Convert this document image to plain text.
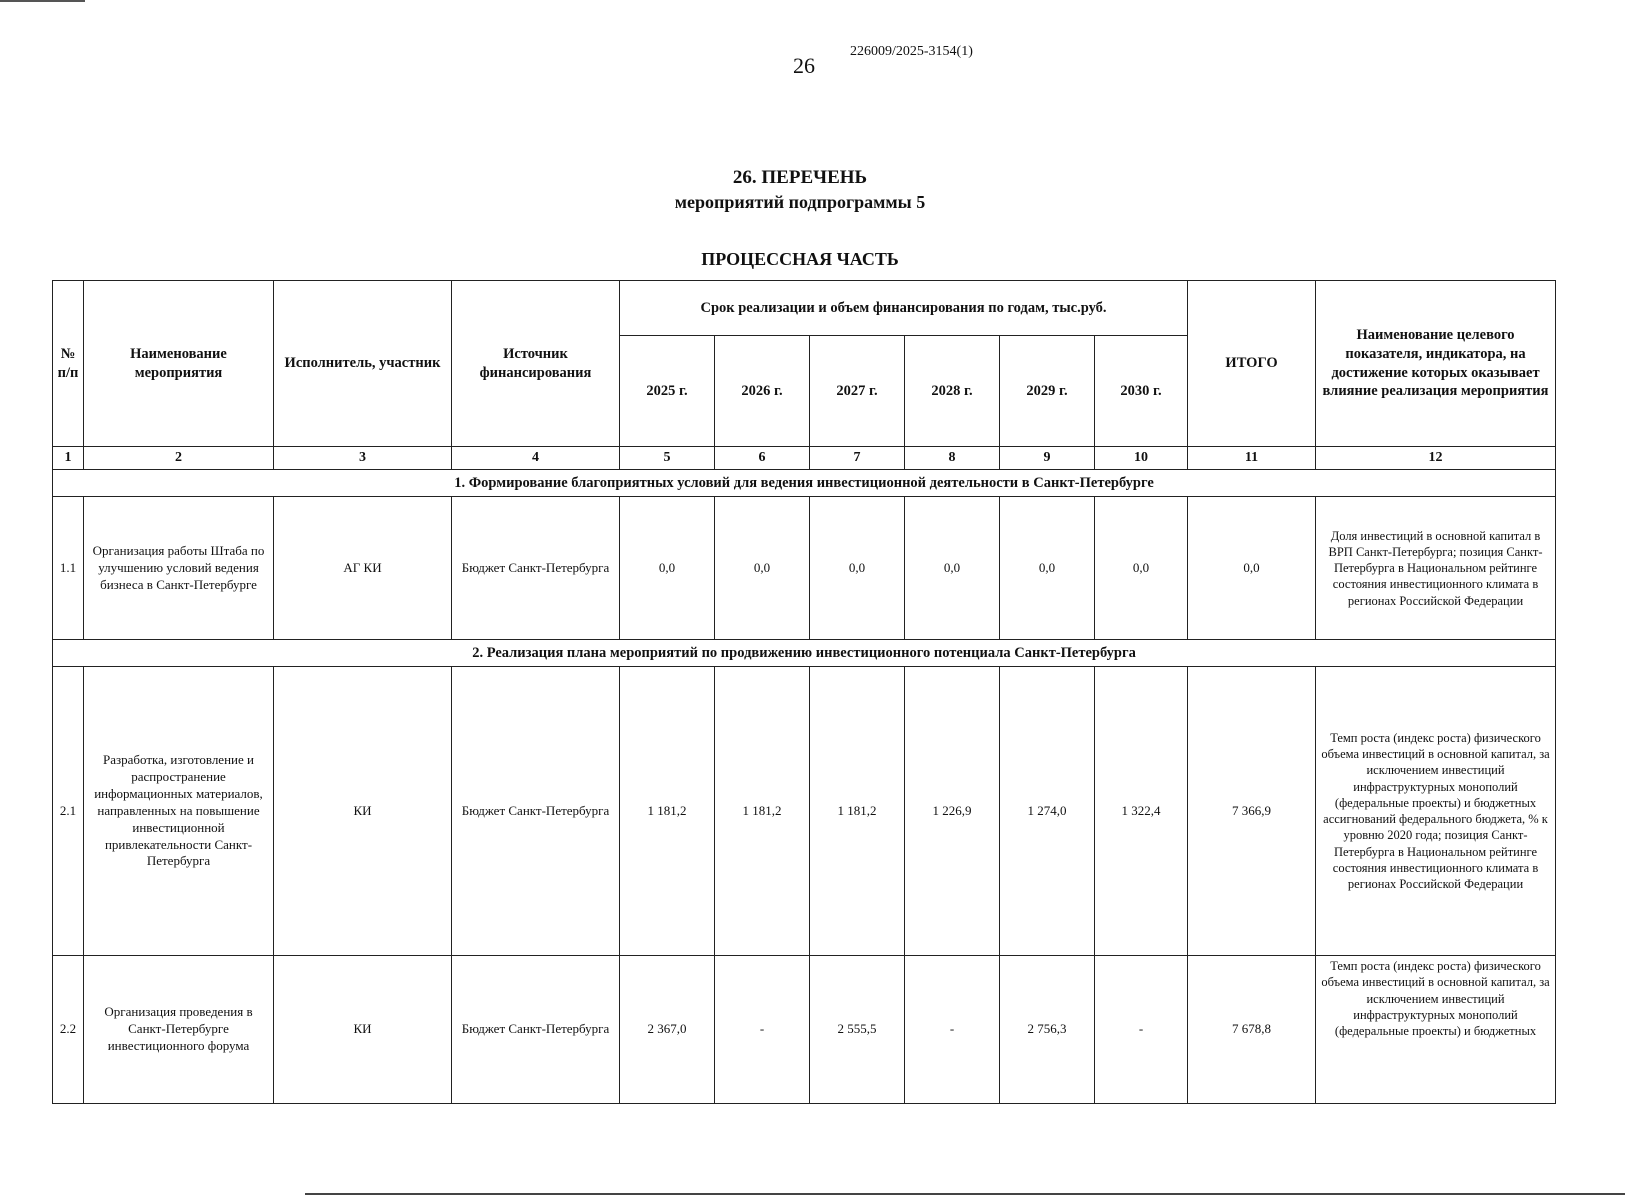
26
226009/2025-3154(1)
26. ПЕРЕЧЕНЬ
мероприятий подпрограммы 5
ПРОЦЕССНАЯ ЧАСТЬ
№ п/п	Наименование мероприятия	Исполнитель, участник	Источник финансирования	Срок реализации и объем финансирования по годам, тыс.руб.						ИТОГО	Наименование целевого показателя, индикатора, на достижение которых оказывает влияние реализация мероприятия
				2025 г.	2026 г.	2027 г.	2028 г.	2029 г.	2030 г.		
1	2	3	4	5	6	7	8	9	10	11	12
1. Формирование благоприятных условий для ведения инвестиционной деятельности в Санкт-Петербурге											
1.1	Организация работы Штаба по улучшению условий ведения бизнеса в Санкт-Петербурге	АГ КИ	Бюджет Санкт-Петербурга	0,0	0,0	0,0	0,0	0,0	0,0	0,0	Доля инвестиций в основной капитал в ВРП Санкт-Петербурга; позиция Санкт-Петербурга в Национальном рейтинге состояния инвестиционного климата в регионах Российской Федерации
2. Реализация плана мероприятий по продвижению инвестиционного потенциала Санкт-Петербурга											
2.1	Разработка, изготовление и распространение информационных материалов, направленных на повышение инвестиционной привлекательности Санкт-Петербурга	КИ	Бюджет Санкт-Петербурга	1 181,2	1 181,2	1 181,2	1 226,9	1 274,0	1 322,4	7 366,9	Темп роста (индекс роста) физического объема инвестиций в основной капитал, за исключением инвестиций инфраструктурных монополий (федеральные проекты) и бюджетных ассигнований федерального бюджета, % к уровню 2020 года; позиция Санкт-Петербурга в Национальном рейтинге состояния инвестиционного климата в регионах Российской Федерации
2.2	Организация проведения в Санкт-Петербурге инвестиционного форума	КИ	Бюджет Санкт-Петербурга	2 367,0	-	2 555,5	-	2 756,3	-	7 678,8	Темп роста (индекс роста) физического объема инвестиций в основной капитал, за исключением инвестиций инфраструктурных монополий (федеральные проекты) и бюджетных
